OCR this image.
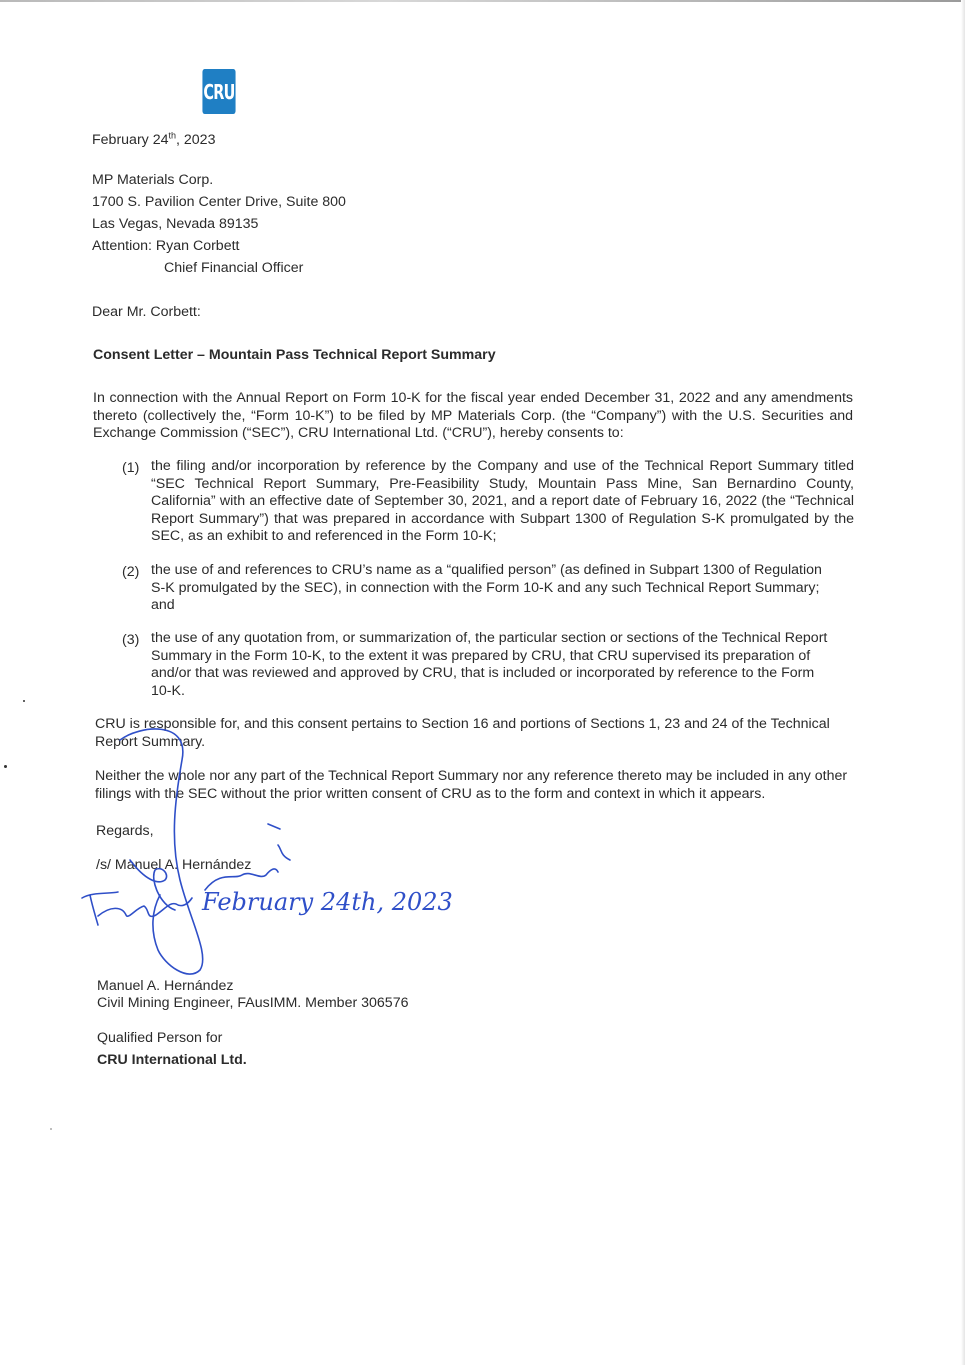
CRU
February 24th, 2023
MP Materials Corp.
1700 S. Pavilion Center Drive, Suite 800
Las Vegas, Nevada 89135
Attention: Ryan Corbett
Chief Financial Officer
Dear Mr. Corbett:
Consent Letter – Mountain Pass Technical Report Summary
In connection with the Annual Report on Form 10-K for the fiscal year ended December 31, 2022 and any amendments thereto (collectively the, “Form 10-K”) to be filed by MP Materials Corp. (the “Company”) with the U.S. Securities and Exchange Commission (“SEC”), CRU International Ltd. (“CRU”), hereby consents to:
(1) the filing and/or incorporation by reference by the Company and use of the Technical Report Summary titled “SEC Technical Report Summary, Pre-Feasibility Study, Mountain Pass Mine, San Bernardino County, California” with an effective date of September 30, 2021, and a report date of February 16, 2022 (the “Technical Report Summary”) that was prepared in accordance with Subpart 1300 of Regulation S-K promulgated by the SEC, as an exhibit to and referenced in the Form 10-K;
(2) the use of and references to CRU’s name as a “qualified person” (as defined in Subpart 1300 of Regulation S-K promulgated by the SEC), in connection with the Form 10-K and any such Technical Report Summary; and
(3) the use of any quotation from, or summarization of, the particular section or sections of the Technical Report Summary in the Form 10-K, to the extent it was prepared by CRU, that CRU supervised its preparation of and/or that was reviewed and approved by CRU, that is included or incorporated by reference to the Form 10-K.
CRU is responsible for, and this consent pertains to Section 16 and portions of Sections 1, 23 and 24 of the Technical Report Summary.
Neither the whole nor any part of the Technical Report Summary nor any reference thereto may be included in any other filings with the SEC without the prior written consent of CRU as to the form and context in which it appears.
Regards,
/s/ Manuel A. Hernández
February 24th, 2023
Manuel A. Hernández
Civil Mining Engineer, FAusIMM. Member 306576
Qualified Person for
CRU International Ltd.
